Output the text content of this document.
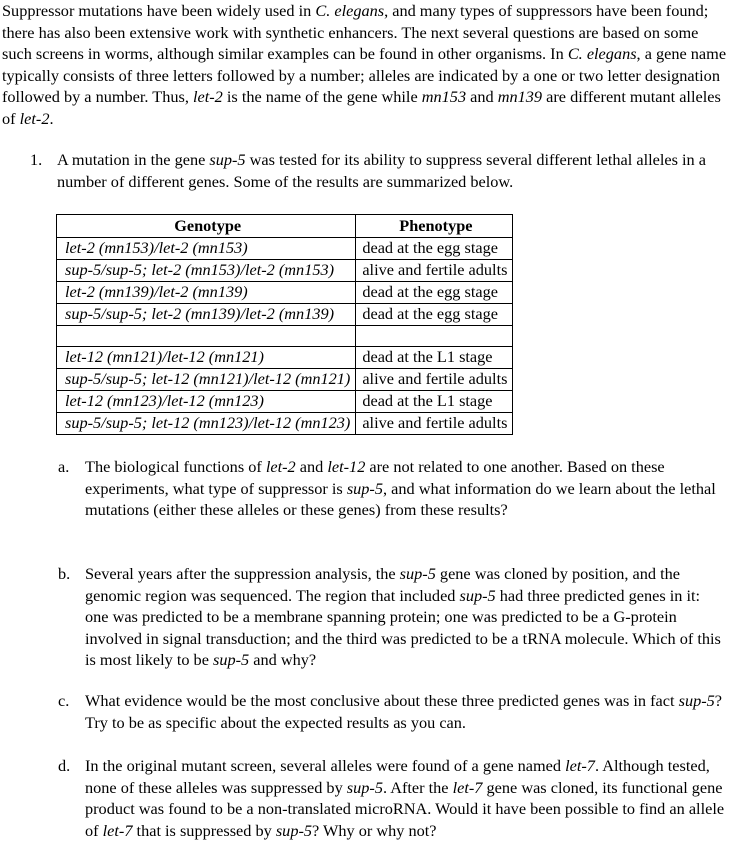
Suppressor mutations have been widely used in C. elegans, and many types of suppressors have been found; there has also been extensive work with synthetic enhancers. The next several questions are based on some such screens in worms, although similar examples can be found in other organisms. In C. elegans, a gene name typically consists of three letters followed by a number; alleles are indicated by a one or two letter designation followed by a number. Thus, let-2 is the name of the gene while mn153 and mn139 are different mutant alleles of let-2.

1. A mutation in the gene sup-5 was tested for its ability to suppress several different lethal alleles in a number of different genes. Some of the results are summarized below.
Genotype	Phenotype
let-2 (mn153)/let-2 (mn153)	dead at the egg stage
sup-5/sup-5; let-2 (mn153)/let-2 (mn153)	alive and fertile adults
let-2 (mn139)/let-2 (mn139)	dead at the egg stage
sup-5/sup-5; let-2 (mn139)/let-2 (mn139)	dead at the egg stage

let-12 (mn121)/let-12 (mn121)	dead at the L1 stage
sup-5/sup-5; let-12 (mn121)/let-12 (mn121)	alive and fertile adults
let-12 (mn123)/let-12 (mn123)	dead at the L1 stage
sup-5/sup-5; let-12 (mn123)/let-12 (mn123)	alive and fertile adults
a. The biological functions of let-2 and let-12 are not related to one another. Based on these experiments, what type of suppressor is sup-5, and what information do we learn about the lethal mutations (either these alleles or these genes) from these results?
b. Several years after the suppression analysis, the sup-5 gene was cloned by position, and the genomic region was sequenced. The region that included sup-5 had three predicted genes in it: one was predicted to be a membrane spanning protein; one was predicted to be a G-protein involved in signal transduction; and the third was predicted to be a tRNA molecule. Which of this is most likely to be sup-5 and why?
c. What evidence would be the most conclusive about these three predicted genes was in fact sup-5? Try to be as specific about the expected results as you can.
d. In the original mutant screen, several alleles were found of a gene named let-7. Although tested, none of these alleles was suppressed by sup-5. After the let-7 gene was cloned, its functional gene product was found to be a non-translated microRNA. Would it have been possible to find an allele of let-7 that is suppressed by sup-5? Why or why not?
